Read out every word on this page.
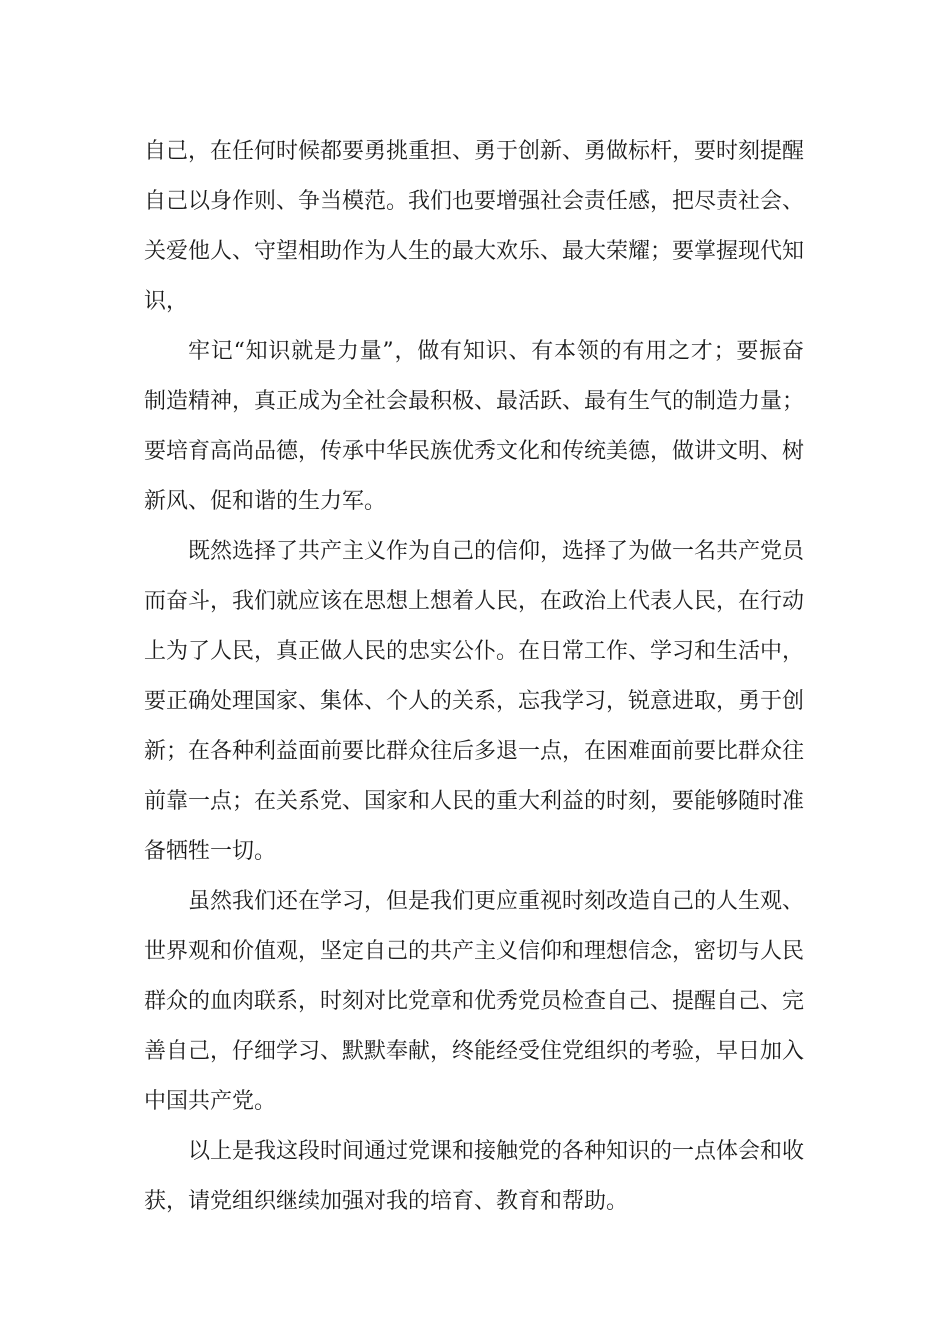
自己，在任何时候都要勇挑重担、勇于创新、勇做标杆，要时刻提醒自己以身作则、争当模范。我们也要增强社会责任感，把尽责社会、关爱他人、守望相助作为人生的最大欢乐、最大荣耀；要掌握现代知识，

牢记“知识就是力量”，做有知识、有本领的有用之才；要振奋制造精神，真正成为全社会最积极、最活跃、最有生气的制造力量；要培育高尚品德，传承中华民族优秀文化和传统美德，做讲文明、树新风、促和谐的生力军。

既然选择了共产主义作为自己的信仰，选择了为做一名共产党员而奋斗，我们就应该在思想上想着人民，在政治上代表人民，在行动上为了人民，真正做人民的忠实公仆。在日常工作、学习和生活中，要正确处理国家、集体、个人的关系，忘我学习，锐意进取，勇于创新；在各种利益面前要比群众往后多退一点，在困难面前要比群众往前靠一点；在关系党、国家和人民的重大利益的时刻，要能够随时准备牺牲一切。

虽然我们还在学习，但是我们更应重视时刻改造自己的人生观、世界观和价值观，坚定自己的共产主义信仰和理想信念，密切与人民群众的血肉联系，时刻对比党章和优秀党员检查自己、提醒自己、完善自己，仔细学习、默默奉献，终能经受住党组织的考验，早日加入中国共产党。

以上是我这段时间通过党课和接触党的各种知识的一点体会和收获，请党组织继续加强对我的培育、教育和帮助。
